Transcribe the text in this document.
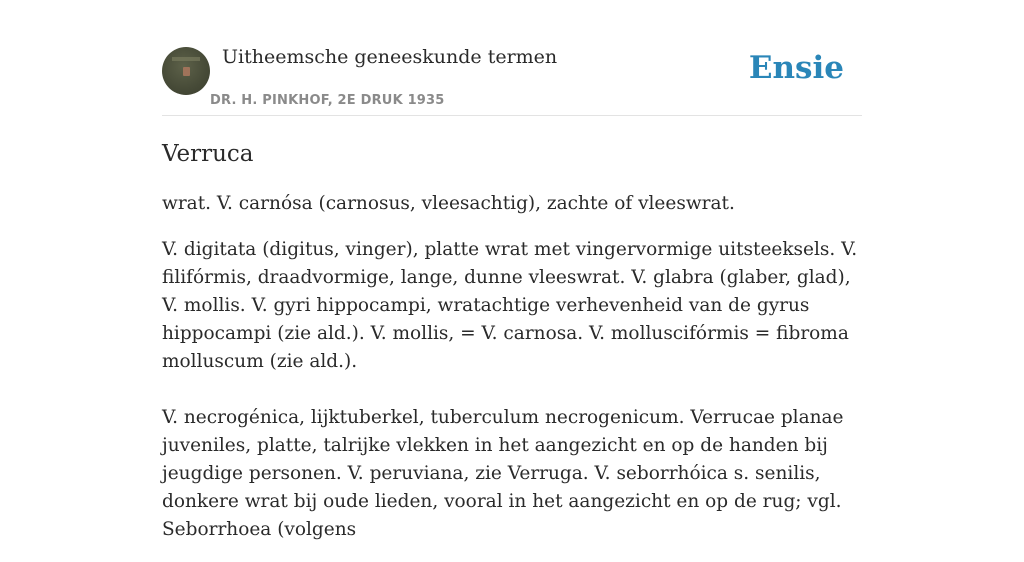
Uitheemsche geneeskunde termen
DR. H. PINKHOF, 2E DRUK 1935
Ensie
Verruca

wrat. V. carnósa (carnosus, vleesachtig), zachte of vleeswrat.

V. digitata (digitus, vinger), platte wrat met vingervormige uitsteeksels. V. filifórmis, draadvormige, lange, dunne vleeswrat. V. glabra (glaber, glad), V. mollis. V. gyri hippocampi, wratachtige verhevenheid van de gyrus hippocampi (zie ald.). V. mollis, = V. carnosa. V. molluscifórmis = fibroma molluscum (zie ald.).

V. necrogénica, lijktuberkel, tuberculum necrogenicum. Verrucae planae juveniles, platte, talrijke vlekken in het aangezicht en op de handen bij jeugdige personen. V. peruviana, zie Verruga. V. seborrhóica s. senilis, donkere wrat bij oude lieden, vooral in het aangezicht en op de rug; vgl. Seborrhoea (volgens
